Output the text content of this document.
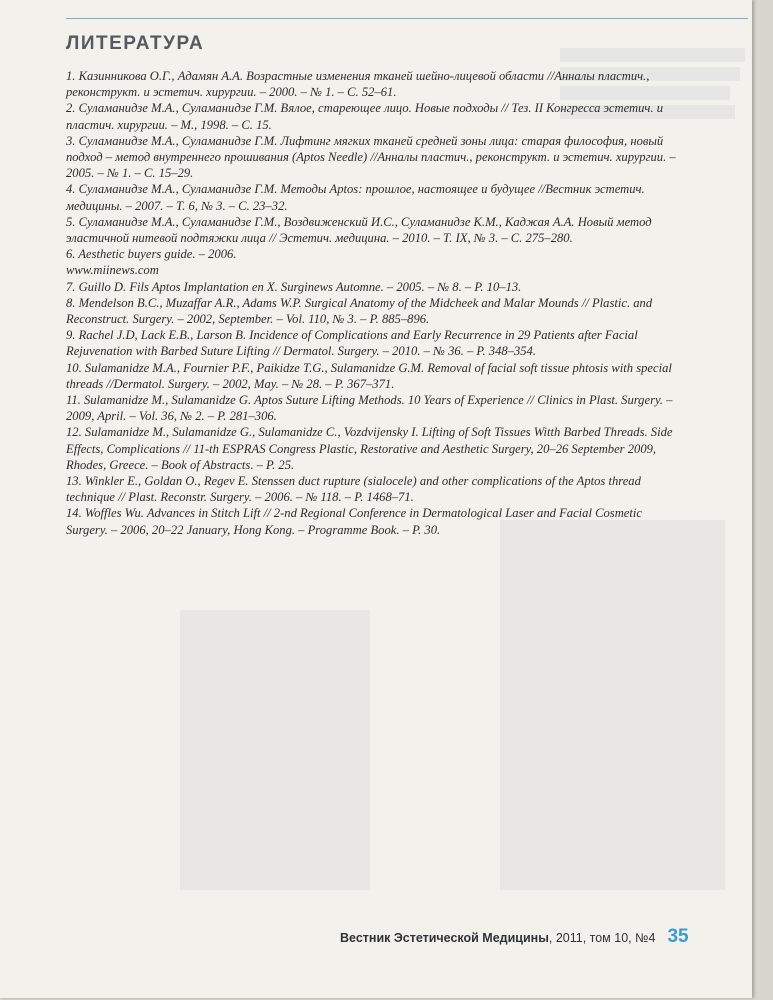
ЛИТЕРАТУРА
1. Казинникова О.Г., Адамян А.А. Возрастные изменения тканей шейно-лицевой области //Анналы пластич., реконструкт. и эстетич. хирургии. – 2000. – № 1. – С. 52–61.
2. Суламанидзе М.А., Суламанидзе Г.М. Вялое, стареющее лицо. Новые подходы // Тез. II Конгресса эстетич. и пластич. хирургии. – М., 1998. – С. 15.
3. Суламанидзе М.А., Суламанидзе Г.М. Лифтинг мягких тканей средней зоны лица: старая философия, новый подход – метод внутреннего прошивания (Aptos Needle) //Анналы пластич., реконструкт. и эстетич. хирургии. – 2005. – № 1. – С. 15–29.
4. Суламанидзе М.А., Суламанидзе Г.М. Методы Aptos: прошлое, настоящее и будущее //Вестник эстетич. медицины. – 2007. – Т. 6, № 3. – С. 23–32.
5. Суламанидзе М.А., Суламанидзе Г.М., Воздвиженский И.С., Суламанидзе К.М., Каджая А.А. Новый метод эластичной нитевой подтяжки лица // Эстетич. медицина. – 2010. – Т. IX, № 3. – С. 275–280.
6. Aesthetic buyers guide. – 2006.
www.miinews.com
7. Guillo D. Fils Aptos Implantation en X. Surginews Automne. – 2005. – № 8. – P. 10–13.
8. Mendelson B.C., Muzaffar A.R., Adams W.P. Surgical Anatomy of the Midcheek and Malar Mounds // Plastic. and Reconstruct. Surgery. – 2002, September. – Vol. 110, № 3. – P. 885–896.
9. Rachel J.D, Lack E.B., Larson B. Incidence of Complications and Early Recurrence in 29 Patients after Facial Rejuvenation with Barbed Suture Lifting // Dermatol. Surgery. – 2010. – № 36. – P. 348–354.
10. Sulamanidze M.A., Fournier P.F., Paikidze T.G., Sulamanidze G.M. Removal of facial soft tissue phtosis with special threads //Dermatol. Surgery. – 2002, May. – № 28. – P. 367–371.
11. Sulamanidze M., Sulamanidze G. Aptos Suture Lifting Methods. 10 Years of Experience // Clinics in Plast. Surgery. – 2009, April. – Vol. 36, № 2. – P. 281–306.
12. Sulamanidze M., Sulamanidze G., Sulamanidze C., Vozdvijensky I. Lifting of Soft Tissues Witth Barbed Threads. Side Effects, Complications // 11-th ESPRAS Congress Plastic, Restorative and Aesthetic Surgery, 20–26 September 2009, Rhodes, Greece. – Book of Abstracts. – P. 25.
13. Winkler E., Goldan O., Regev E. Stenssen duct rupture (sialocele) and other complications of the Aptos thread technique // Plast. Reconstr. Surgery. – 2006. – № 118. – P. 1468–71.
14. Woffles Wu. Advances in Stitch Lift // 2-nd Regional Conference in Dermatological Laser and Facial Cosmetic Surgery. – 2006, 20–22 January, Hong Kong. – Programme Book. – P. 30.
Вестник Эстетической Медицины, 2011, том 10, №4 35
